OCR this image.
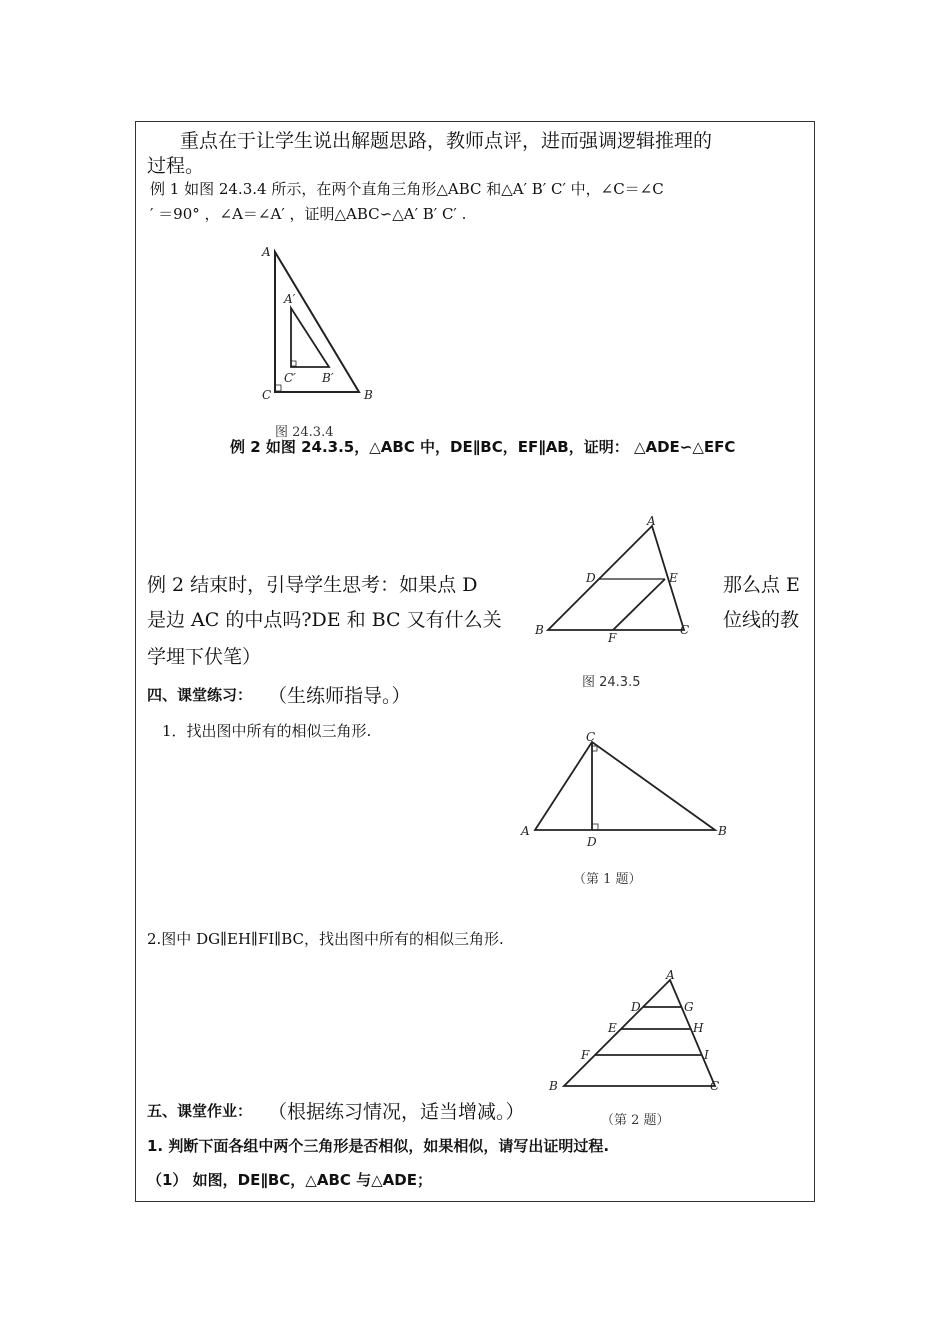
重点在于让学生说出解题思路，教师点评，进而强调逻辑推理的
过程。
例 1 如图 24.3.4 所示，在两个直角三角形△ABC 和△A′ B′ C′ 中，∠C＝∠C
′ ＝90° ，∠A＝∠A′ ，证明△ABC∽△A′ B′ C′ .
A
A′
C′ B′
C	B
图 24.3.4
例 2 如图 24.3.5，△ABC 中，DE∥BC，EF∥AB，证明： △ADE∽△EFC
A
D	E
B
F
C
图 24.3.5
例 2 结束时，引导学生思考：如果点 D	那么点 E
是边 AC 的中点吗?DE 和 BC 又有什么关	位线的教
学埋下伏笔）
四、课堂练习： （生练师指导。）
1．找出图中所有的相似三角形.	C
A
D
B
（第 1 题）
2.图中 DG∥EH∥FI∥BC，找出图中所有的相似三角形.
A
D	G
E	H
F	I
B	C
（第 2 题）
五、课堂作业： （根据练习情况，适当增减。）
1. 判断下面各组中两个三角形是否相似，如果相似，请写出证明过程.
（1） 如图，DE∥BC，△ABC 与△ADE；
